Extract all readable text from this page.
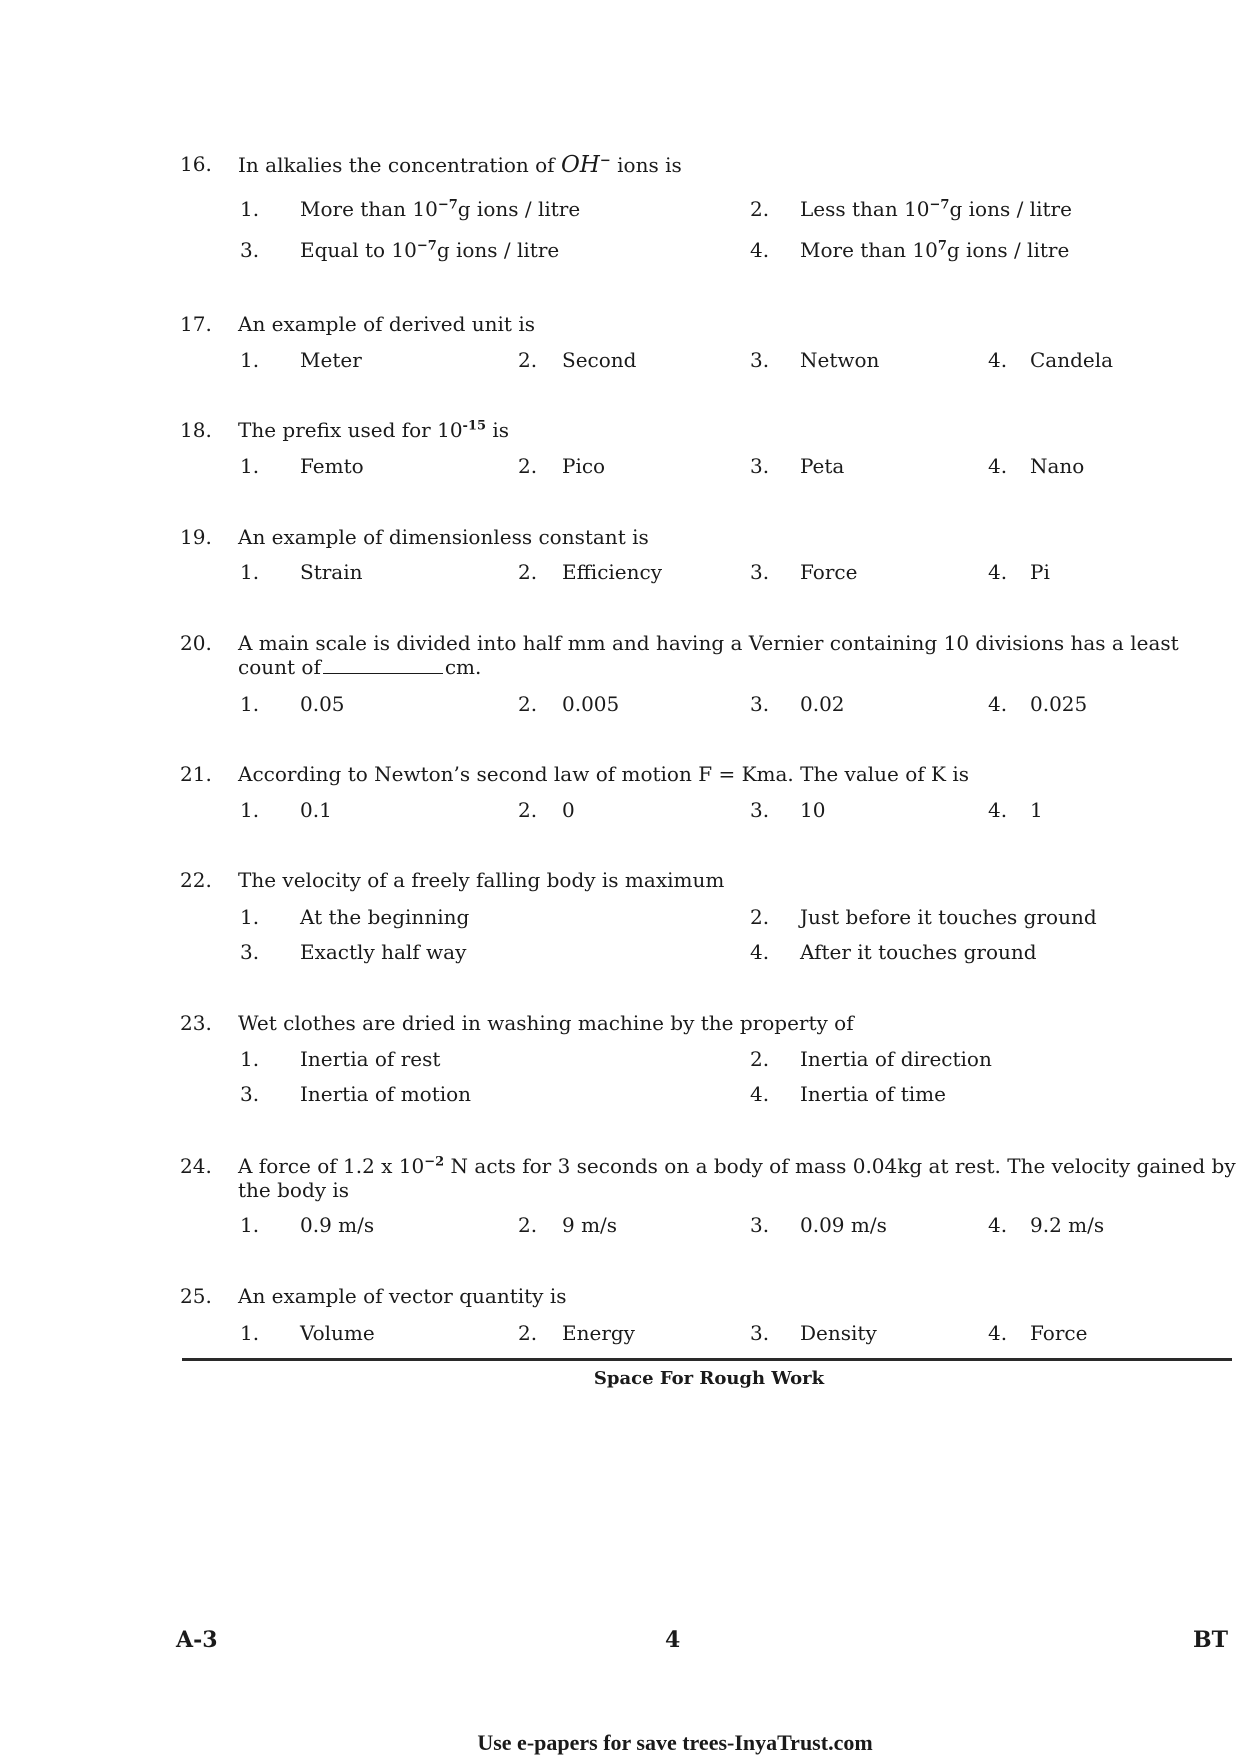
16. In alkalies the concentration of OH− ions is
1. More than $10^{-7}g$ ions / litre	2. Less than $10^{-7}g$ ions / litre
3. Equal to $10^{-7}g$ ions / litre	4. More than $10^7g$ ions / litre
17. An example of derived unit is
1. Meter	2. Second	3. Netwon	4. Candela
18. The prefix used for $10^{-15}$ is
1. Femto	2. Pico	3. Peta	4. Nano
19. An example of dimensionless constant is
1. Strain	2. Efficiency	3. Force	4. Pi
20. A main scale is divided into half mm and having a Vernier containing 10 divisions has a least
count of	cm.
1. 0.05	2. 0.005	3. 0.02	4. 0.025
21. According to Newton’s second law of motion F = Kma. The value of K is
1. 0.1	2. 0	3. 10	4. 1
22. The velocity of a freely falling body is maximum
1. At the beginning	2. Just before it touches ground
3. Exactly half way	4. After it touches ground
23. Wet clothes are dried in washing machine by the property of
1. Inertia of rest	2. Inertia of direction
3. Inertia of motion	4. Inertia of time
24. A force of 1.2 x $10^{-2}$ N acts for 3 seconds on a body of mass 0.04kg at rest. The velocity gained by
the body is
1. 0.9 m/s	2. 9 m/s	3. 0.09 m/s	4. 9.2 m/s
25. An example of vector quantity is
1. Volume	2. Energy	3. Density	4. Force
Space For Rough Work
A-3	4	BT
Use e-papers for save trees-InyaTrust.com
